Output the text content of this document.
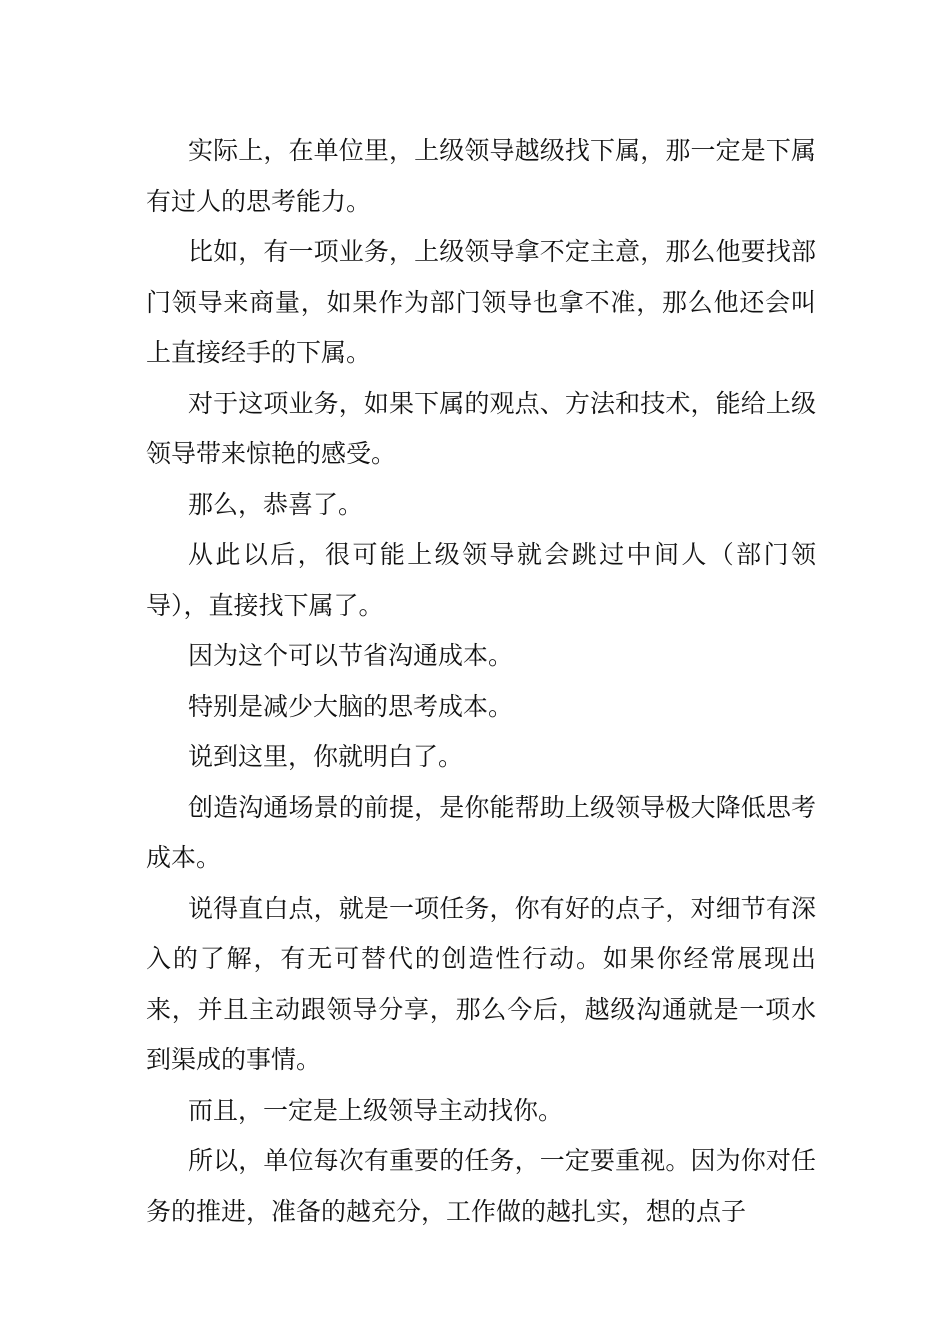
实际上，在单位里，上级领导越级找下属，那一定是下属有过人的思考能力。

比如，有一项业务，上级领导拿不定主意，那么他要找部门领导来商量，如果作为部门领导也拿不准，那么他还会叫上直接经手的下属。

对于这项业务，如果下属的观点、方法和技术，能给上级领导带来惊艳的感受。

那么，恭喜了。

从此以后，很可能上级领导就会跳过中间人（部门领导），直接找下属了。

因为这个可以节省沟通成本。

特别是减少大脑的思考成本。

说到这里，你就明白了。

创造沟通场景的前提，是你能帮助上级领导极大降低思考成本。

说得直白点，就是一项任务，你有好的点子，对细节有深入的了解，有无可替代的创造性行动。如果你经常展现出来，并且主动跟领导分享，那么今后，越级沟通就是一项水到渠成的事情。

而且，一定是上级领导主动找你。

所以，单位每次有重要的任务，一定要重视。因为你对任务的推进，准备的越充分，工作做的越扎实，想的点子
